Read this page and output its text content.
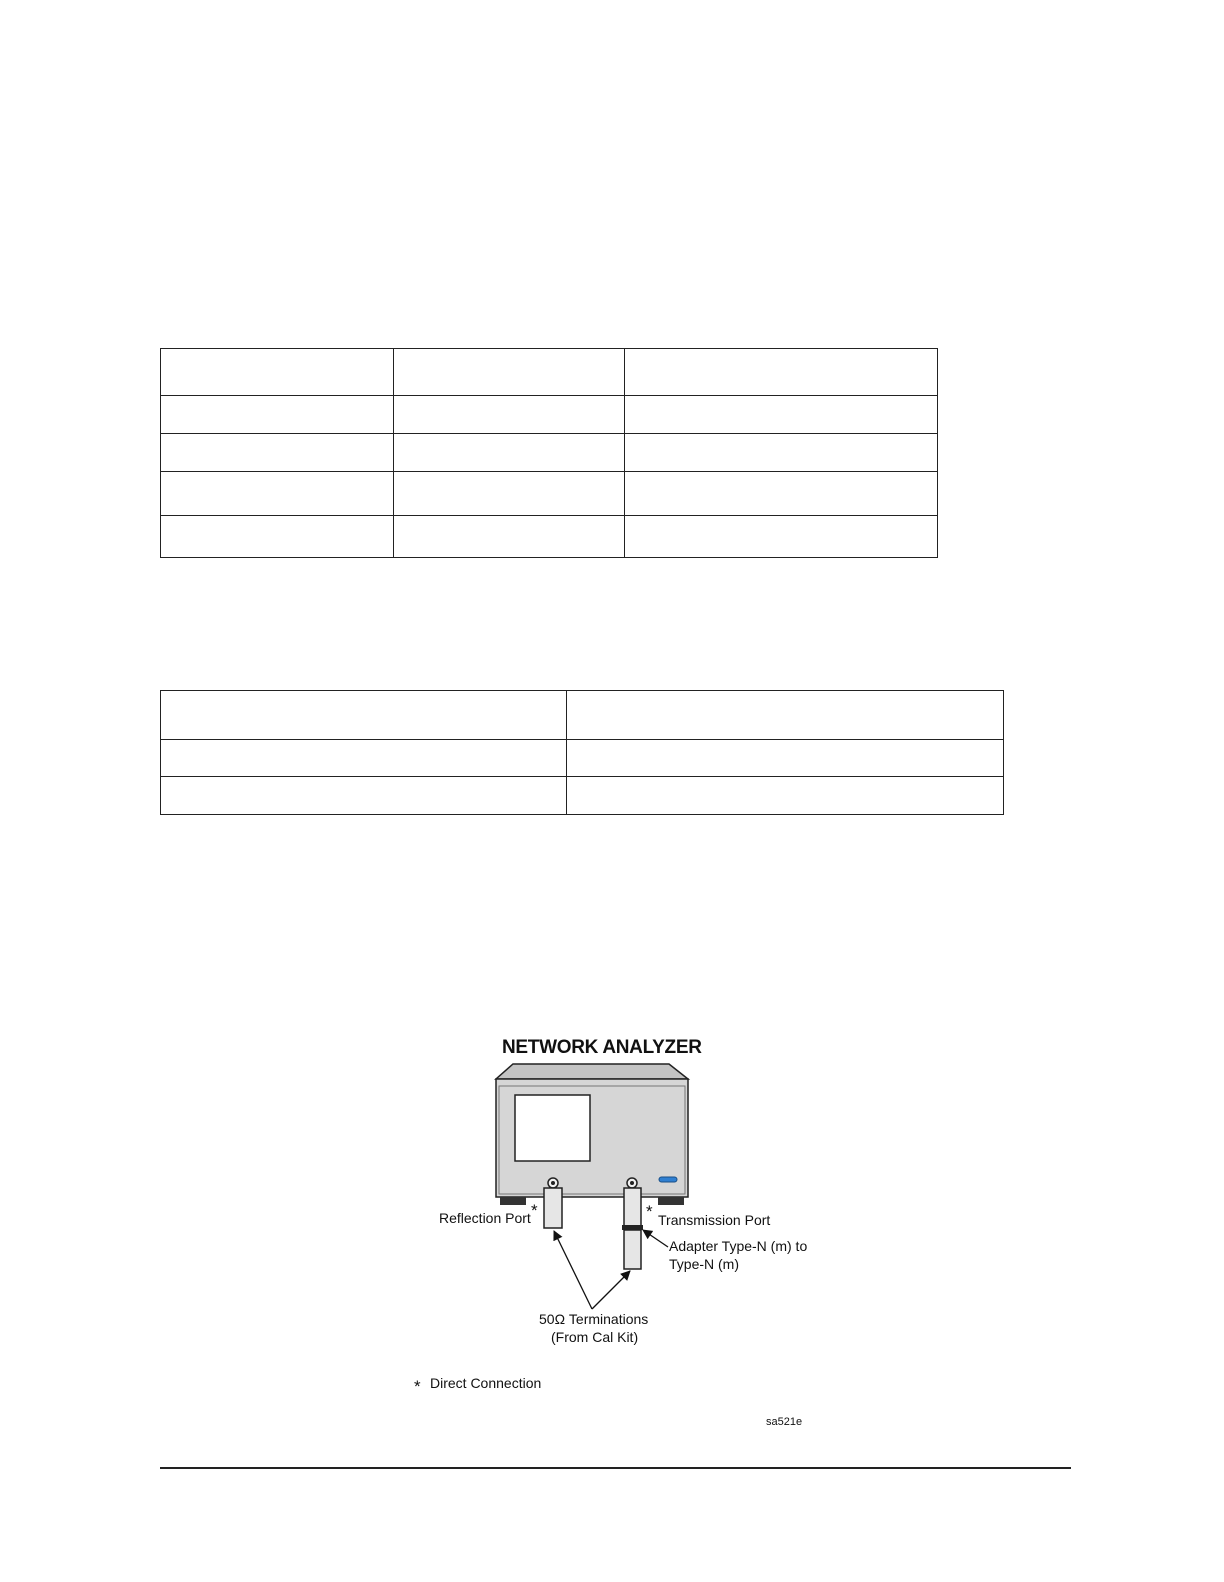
NETWORK ANALYZER
Reflection Port *	* Transmission Port
Adapter Type-N (m) to
Type-N (m)
50Ω Terminations
(From Cal Kit)
* Direct Connection
sa521e
